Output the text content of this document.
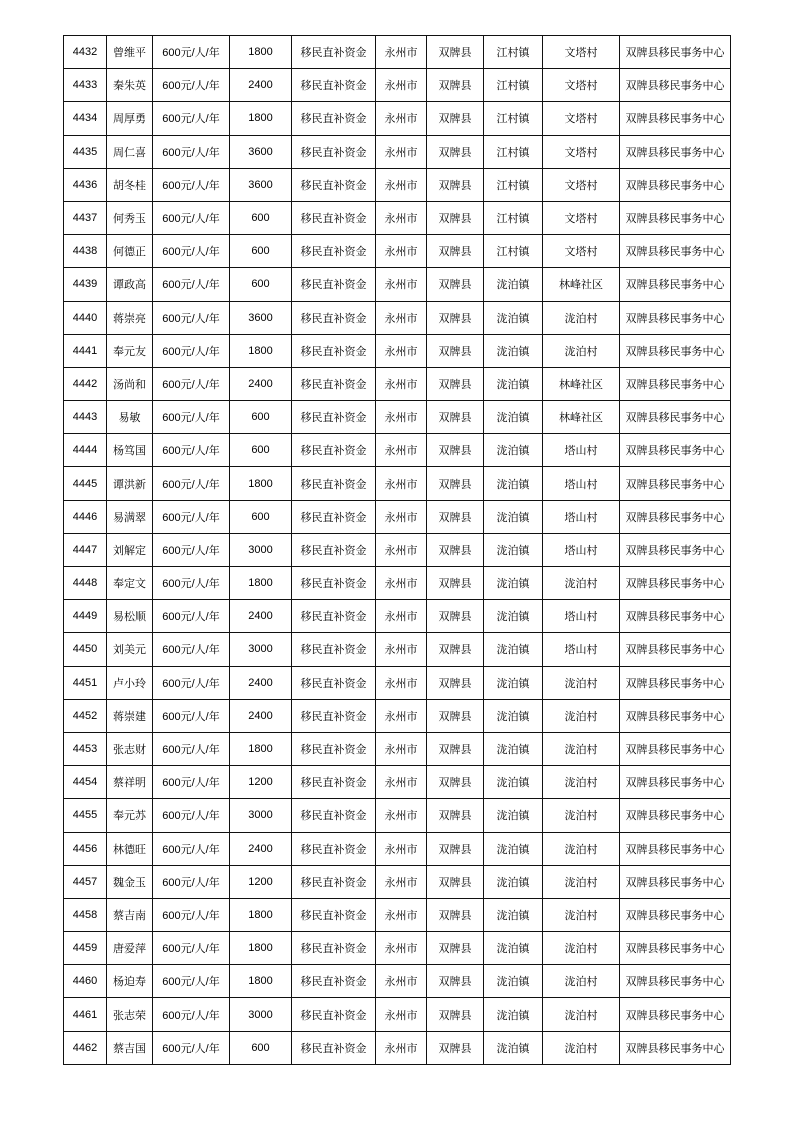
4432	曾维平	600元/人/年	1800	移民直补资金	永州市	双牌县	江村镇	文塔村	双牌县移民事务中心
4433	秦朱英	600元/人/年	2400	移民直补资金	永州市	双牌县	江村镇	文塔村	双牌县移民事务中心
4434	周厚勇	600元/人/年	1800	移民直补资金	永州市	双牌县	江村镇	文塔村	双牌县移民事务中心
4435	周仁喜	600元/人/年	3600	移民直补资金	永州市	双牌县	江村镇	文塔村	双牌县移民事务中心
4436	胡冬桂	600元/人/年	3600	移民直补资金	永州市	双牌县	江村镇	文塔村	双牌县移民事务中心
4437	何秀玉	600元/人/年	600	移民直补资金	永州市	双牌县	江村镇	文塔村	双牌县移民事务中心
4438	何德正	600元/人/年	600	移民直补资金	永州市	双牌县	江村镇	文塔村	双牌县移民事务中心
4439	谭政高	600元/人/年	600	移民直补资金	永州市	双牌县	泷泊镇	林峰社区	双牌县移民事务中心
4440	蒋崇亮	600元/人/年	3600	移民直补资金	永州市	双牌县	泷泊镇	泷泊村	双牌县移民事务中心
4441	奉元友	600元/人/年	1800	移民直补资金	永州市	双牌县	泷泊镇	泷泊村	双牌县移民事务中心
4442	汤尚和	600元/人/年	2400	移民直补资金	永州市	双牌县	泷泊镇	林峰社区	双牌县移民事务中心
4443	易敏	600元/人/年	600	移民直补资金	永州市	双牌县	泷泊镇	林峰社区	双牌县移民事务中心
4444	杨笃国	600元/人/年	600	移民直补资金	永州市	双牌县	泷泊镇	塔山村	双牌县移民事务中心
4445	谭洪新	600元/人/年	1800	移民直补资金	永州市	双牌县	泷泊镇	塔山村	双牌县移民事务中心
4446	易满翠	600元/人/年	600	移民直补资金	永州市	双牌县	泷泊镇	塔山村	双牌县移民事务中心
4447	刘解定	600元/人/年	3000	移民直补资金	永州市	双牌县	泷泊镇	塔山村	双牌县移民事务中心
4448	奉定文	600元/人/年	1800	移民直补资金	永州市	双牌县	泷泊镇	泷泊村	双牌县移民事务中心
4449	易松顺	600元/人/年	2400	移民直补资金	永州市	双牌县	泷泊镇	塔山村	双牌县移民事务中心
4450	刘美元	600元/人/年	3000	移民直补资金	永州市	双牌县	泷泊镇	塔山村	双牌县移民事务中心
4451	卢小玲	600元/人/年	2400	移民直补资金	永州市	双牌县	泷泊镇	泷泊村	双牌县移民事务中心
4452	蒋崇建	600元/人/年	2400	移民直补资金	永州市	双牌县	泷泊镇	泷泊村	双牌县移民事务中心
4453	张志财	600元/人/年	1800	移民直补资金	永州市	双牌县	泷泊镇	泷泊村	双牌县移民事务中心
4454	蔡祥明	600元/人/年	1200	移民直补资金	永州市	双牌县	泷泊镇	泷泊村	双牌县移民事务中心
4455	奉元苏	600元/人/年	3000	移民直补资金	永州市	双牌县	泷泊镇	泷泊村	双牌县移民事务中心
4456	林德旺	600元/人/年	2400	移民直补资金	永州市	双牌县	泷泊镇	泷泊村	双牌县移民事务中心
4457	魏金玉	600元/人/年	1200	移民直补资金	永州市	双牌县	泷泊镇	泷泊村	双牌县移民事务中心
4458	蔡吉南	600元/人/年	1800	移民直补资金	永州市	双牌县	泷泊镇	泷泊村	双牌县移民事务中心
4459	唐爱萍	600元/人/年	1800	移民直补资金	永州市	双牌县	泷泊镇	泷泊村	双牌县移民事务中心
4460	杨迫寿	600元/人/年	1800	移民直补资金	永州市	双牌县	泷泊镇	泷泊村	双牌县移民事务中心
4461	张志荣	600元/人/年	3000	移民直补资金	永州市	双牌县	泷泊镇	泷泊村	双牌县移民事务中心
4462	蔡吉国	600元/人/年	600	移民直补资金	永州市	双牌县	泷泊镇	泷泊村	双牌县移民事务中心
